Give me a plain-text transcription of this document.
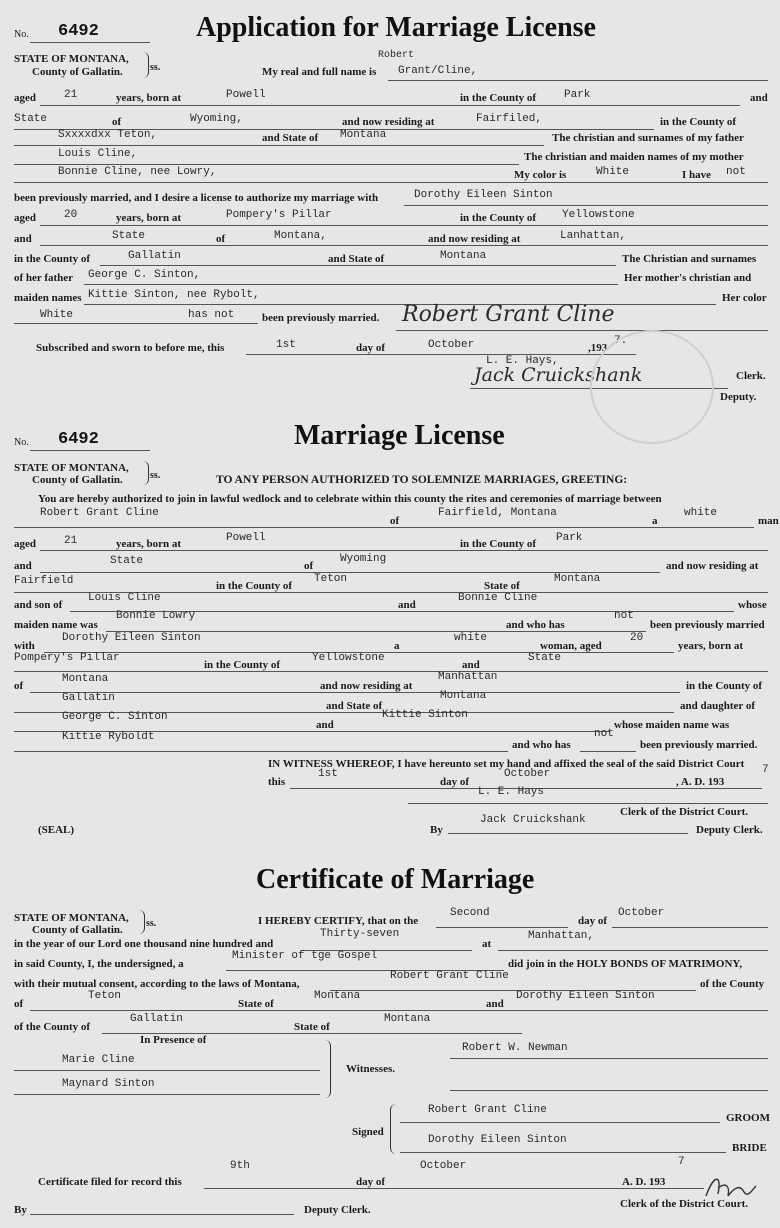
No. 6492	Application for Marriage License
STATE OF MONTANA,
County of Gallatin.	ss.
Robert
My real and full name is Grant/Cline,
aged	21	years, born at	Powell	in the County of	Park	and
State	of	Wyoming,	and now residing at	Fairfiled,	in the County of
Sxxxxdxx Teton,	and State of Montana	The christian and surnames of my father
Louis Cline,	The christian and maiden names of my mother
Bonnie Cline, nee Lowry,	My color is	White	I have not
been previously married, and I desire a license to authorize my marriage with	Dorothy Eileen Sinton
aged	20	years, born at	Pompery's Pillar	in the County of Yellowstone
and	State	of	Montana,	and now residing at	Lanhattan,
in the County of	Gallatin	and State of	Montana	The Christian and surnames
of her father George C. Sinton,	Her mother's christian and
maiden names Kittie Sinton, nee Rybolt,	Her color
White	has not	been previously married. Robert Grant Cline
Subscribed and sworn to before me, this	1st	day of	October	,193
7.
L. E. Hays,
Clerk.
Jack Cruickshank
Deputy.
No. 6492	Marriage License
STATE OF MONTANA,
County of Gallatin.	ss.	TO ANY PERSON AUTHORIZED TO SOLEMNIZE MARRIAGES, GREETING:
You are hereby authorized to join in lawful wedlock and to celebrate within this county the rites and ceremonies of marriage between
Robert Grant Cline
of
Fairfield, Montana
a
white
man
aged	21	years, born at	Powell	in the County of Park
and	State	of
Wyoming
and now residing at
Fairfield	in the County of
Teton
State of
Montana
and son of
Louis Cline
and
Bonnie Cline
whose
maiden name was
Bonnie Lowry
and who has
not
been previously married
with
Dorothy Eileen Sinton
a
white
woman, aged
20
years, born at
Pompery's Pillar
in the County of
Yellowstone
and
State
of
Montana
and now residing at
Manhattan
in the County of
Gallatin
and State of
Montana
and daughter of
George C. Sinton
and
Kittie Sinton
whose maiden name was
Kittie Ryboldt
and who has
not
been previously married.
IN WITNESS WHEREOF, I have hereunto set my hand and affixed the seal of the said District Court
this
1st
day of
October
, A. D. 193
7
L. E. Hays
Clerk of the District Court.
(SEAL)	By
Jack Cruickshank
Deputy Clerk.
Certificate of Marriage
STATE OF MONTANA,
County of Gallatin.
ss.	I HEREBY CERTIFY, that on the
Second
day of
October
in the year of our Lord one thousand nine hundred and
Thirty-seven
at
Manhattan,
in said County, I, the undersigned, a
Minister of tge Gospel
did join in the HOLY BONDS OF MATRIMONY,
with their mutual consent, according to the laws of Montana,
Robert Grant Cline
of the County
of
Teton
State of
Montana
and
Dorothy Eileen Sinton
of the County of
Gallatin
State of
Montana
In Presence of
Marie Cline
Maynard Sinton
Witnesses.
Robert W. Newman
Signed
Robert Grant Cline
GROOM
Dorothy Eileen Sinton
BRIDE
Certificate filed for record this
9th
day of
October
A. D. 193
7
By	Deputy Clerk.	Clerk of the District Court.
